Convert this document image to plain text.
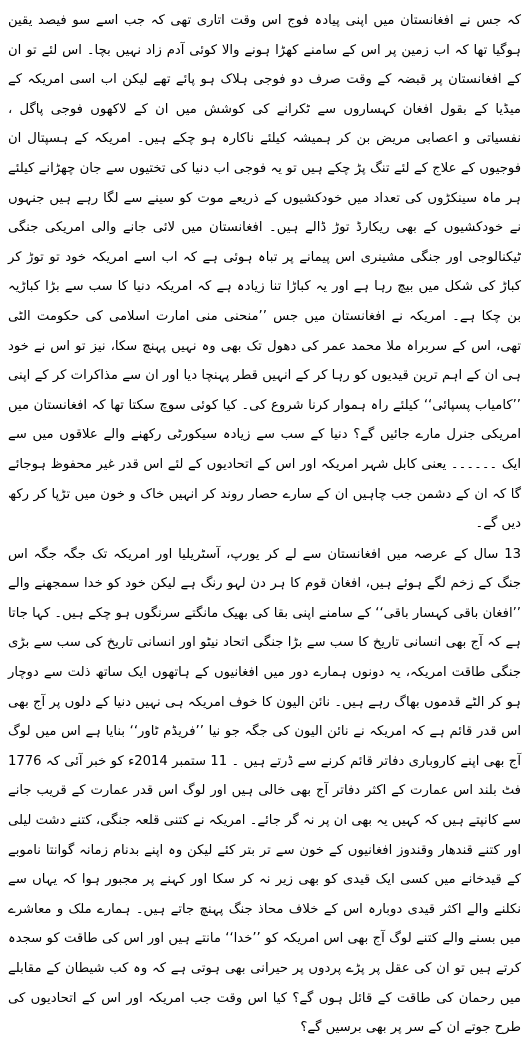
کہ جس نے افغانستان میں اپنی پیادہ فوج اس وقت اتاری تھی کہ جب اسے سو فیصد یقین ہوگیا تھا کہ اب زمین پر اس کے سامنے کھڑا ہونے والا کوئی آدم زاد نہیں بچا۔ اس لئے تو ان کے افغانستان پر قبضہ کے وقت صرف دو فوجی ہلاک ہو پائے تھے لیکن اب اسی امریکہ کے میڈیا کے بقول افغان کہساروں سے ٹکرانے کی کوشش میں ان کے لاکھوں فوجی پاگل ، نفسیاتی و اعصابی مریض بن کر ہمیشہ کیلئے ناکارہ ہو چکے ہیں۔ امریکہ کے ہسپتال ان فوجیوں کے علاج کے لئے تنگ پڑ چکے ہیں تو یہ فوجی اب دنیا کی تختیوں سے جان چھڑانے کیلئے ہر ماہ سینکڑوں کی تعداد میں خودکشیوں کے ذریعے موت کو سینے سے لگا رہے ہیں جنہوں نے خودکشیوں کے بھی ریکارڈ توڑ ڈالے ہیں۔ افغانستان میں لائی جانے والی امریکی جنگی ٹیکنالوجی اور جنگی مشینری اس پیمانے پر تباہ ہوئی ہے کہ اب اسے امریکہ خود تو توڑ کر کباڑ کی شکل میں بیچ رہا ہے اور یہ کباڑا تنا زیادہ ہے کہ امریکہ دنیا کا سب سے بڑا کباڑیہ بن چکا ہے۔ امریکہ نے افغانستان میں جس ’’منحنی منی امارت اسلامی کی حکومت الٹی تھی، اس کے سربراہ ملا محمد عمر کی دھول تک بھی وہ نہیں پہنچ سکا، نیز تو اس نے خود ہی ان کے اہم ترین قیدیوں کو رہا کر کے انہیں قطر پہنچا دیا اور ان سے مذاکرات کر کے اپنی ’’کامیاب پسپائی‘‘ کیلئے راہ ہموار کرنا شروع کی۔ کیا کوئی سوچ سکتا تھا کہ افغانستان میں امریکی جنرل مارے جائیں گے؟ دنیا کے سب سے زیادہ سیکورٹی رکھنے والے علاقوں میں سے ایک ۔۔۔۔۔۔ یعنی کابل شہر امریکہ اور اس کے اتحادیوں کے لئے اس قدر غیر محفوظ ہوجائے گا کہ ان کے دشمن جب چاہیں ان کے سارے حصار روند کر انہیں خاک و خون میں تڑپا کر رکھ دیں گے۔

13 سال کے عرصہ میں افغانستان سے لے کر یورپ، آسٹریلیا اور امریکہ تک جگہ جگہ اس جنگ کے زخم لگے ہوئے ہیں، افغان قوم کا ہر دن لہو رنگ ہے لیکن خود کو خدا سمجھنے والے ’’افغان باقی کہسار باقی‘‘ کے سامنے اپنی بقا کی بھیک مانگتے سرنگوں ہو چکے ہیں۔ کہا جاتا ہے کہ آج بھی انسانی تاریخ کا سب سے بڑا جنگی اتحاد نیٹو اور انسانی تاریخ کی سب سے بڑی جنگی طاقت امریکہ، یہ دونوں ہمارے دور میں افغانیوں کے ہاتھوں ایک ساتھ ذلت سے دوچار ہو کر الٹے قدموں بھاگ رہے ہیں۔ نائن الیون کا خوف امریکہ ہی نہیں دنیا کے دلوں پر آج بھی اس قدر قائم ہے کہ امریکہ نے نائن الیون کی جگہ جو نیا ’’فریڈم ٹاور‘‘ بنایا ہے اس میں لوگ آج بھی اپنے کاروباری دفاتر قائم کرنے سے ڈرتے ہیں ۔ 11 ستمبر 2014ء کو خبر آئی کہ 1776 فٹ بلند اس عمارت کے اکثر دفاتر آج بھی خالی ہیں اور لوگ اس قدر عمارت کے قریب جانے سے کانپتے ہیں کہ کہیں یہ بھی ان پر نہ گر جائے۔ امریکہ نے کتنی قلعہ جنگی، کتنے دشت لیلی اور کتنے قندھار وقندوز افغانیوں کے خون سے تر بتر کئے لیکن وہ اپنے بدنام زمانہ گوانتا ناموبے کے قیدخانے میں کسی ایک قیدی کو بھی زیر نہ کر سکا اور کہنے پر مجبور ہوا کہ یہاں سے نکلنے والے اکثر قیدی دوبارہ اس کے خلاف محاذ جنگ پہنچ جاتے ہیں۔ ہمارے ملک و معاشرے میں بسنے والے کتنے لوگ آج بھی اس امریکہ کو ’’خدا‘‘ مانتے ہیں اور اس کی طاقت کو سجدہ کرتے ہیں تو ان کی عقل پر پڑے پردوں پر حیرانی بھی ہوتی ہے کہ وہ کب شیطان کے مقابلے میں رحمان کی طاقت کے قائل ہوں گے؟ کیا اس وقت جب امریکہ اور اس کے اتحادیوں کی طرح جوتے ان کے سر پر بھی برسیں گے؟
